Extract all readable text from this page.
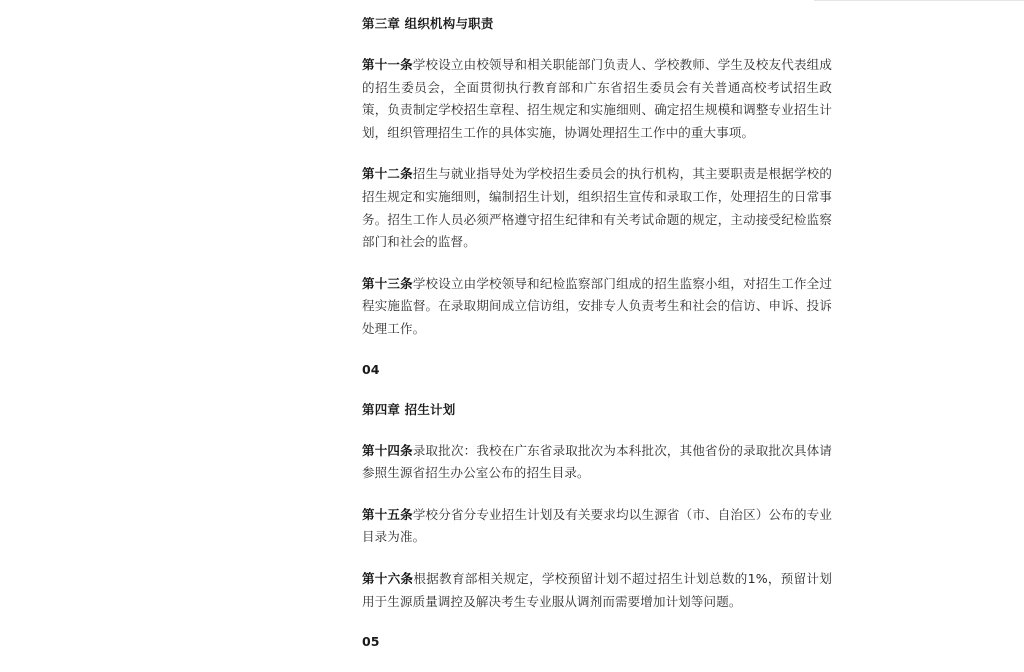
第三章 组织机构与职责

第十一条学校设立由校领导和相关职能部门负责人、学校教师、学生及校友代表组成的招生委员会，全面贯彻执行教育部和广东省招生委员会有关普通高校考试招生政策，负责制定学校招生章程、招生规定和实施细则、确定招生规模和调整专业招生计划，组织管理招生工作的具体实施，协调处理招生工作中的重大事项。

第十二条招生与就业指导处为学校招生委员会的执行机构，其主要职责是根据学校的招生规定和实施细则，编制招生计划，组织招生宣传和录取工作，处理招生的日常事务。招生工作人员必须严格遵守招生纪律和有关考试命题的规定，主动接受纪检监察部门和社会的监督。

第十三条学校设立由学校领导和纪检监察部门组成的招生监察小组，对招生工作全过程实施监督。在录取期间成立信访组，安排专人负责考生和社会的信访、申诉、投诉处理工作。

04
第四章 招生计划

第十四条录取批次：我校在广东省录取批次为本科批次，其他省份的录取批次具体请参照生源省招生办公室公布的招生目录。

第十五条学校分省分专业招生计划及有关要求均以生源省（市、自治区）公布的专业目录为准。

第十六条根据教育部相关规定，学校预留计划不超过招生计划总数的1%，预留计划用于生源质量调控及解决考生专业服从调剂而需要增加计划等问题。

05
